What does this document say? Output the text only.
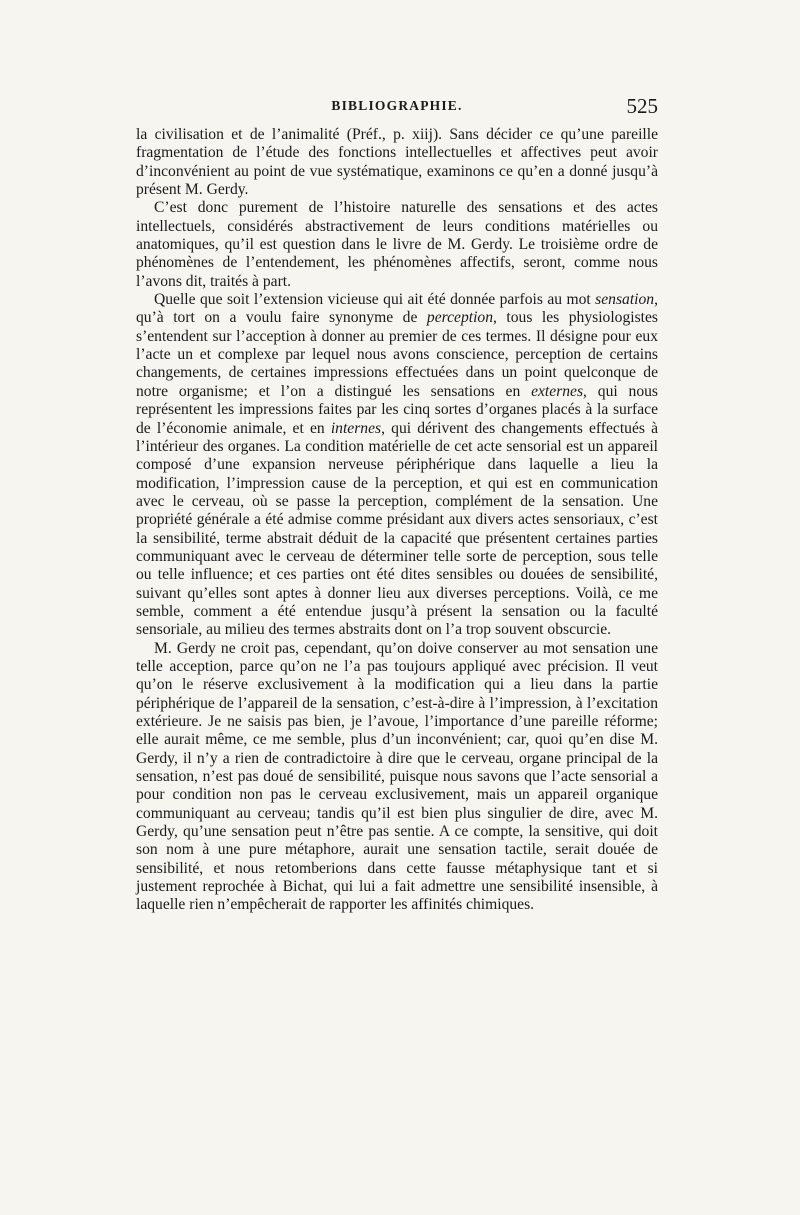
BIBLIOGRAPHIE.	525

la civilisation et de l’animalité (Préf., p. xiij). Sans décider ce qu’une pareille fragmentation de l’étude des fonctions intellectuelles et affectives peut avoir d’inconvénient au point de vue systématique, examinons ce qu’en a donné jusqu’à présent M. Gerdy.

C’est donc purement de l’histoire naturelle des sensations et des actes intellectuels, considérés abstractivement de leurs conditions matérielles ou anatomiques, qu’il est question dans le livre de M. Gerdy. Le troisième ordre de phénomènes de l’entendement, les phénomènes affectifs, seront, comme nous l’avons dit, traités à part.

Quelle que soit l’extension vicieuse qui ait été donnée parfois au mot sensation, qu’à tort on a voulu faire synonyme de perception, tous les physiologistes s’entendent sur l’acception à donner au premier de ces termes. Il désigne pour eux l’acte un et complexe par lequel nous avons conscience, perception de certains changements, de certaines impressions effectuées dans un point quelconque de notre organisme; et l’on a distingué les sensations en externes, qui nous représentent les impressions faites par les cinq sortes d’organes placés à la surface de l’économie animale, et en internes, qui dérivent des changements effectués à l’intérieur des organes. La condition matérielle de cet acte sensorial est un appareil composé d’une expansion nerveuse périphérique dans laquelle a lieu la modification, l’impression cause de la perception, et qui est en communication avec le cerveau, où se passe la perception, complément de la sensation. Une propriété générale a été admise comme présidant aux divers actes sensoriaux, c’est la sensibilité, terme abstrait déduit de la capacité que présentent certaines parties communiquant avec le cerveau de déterminer telle sorte de perception, sous telle ou telle influence; et ces parties ont été dites sensibles ou douées de sensibilité, suivant qu’elles sont aptes à donner lieu aux diverses perceptions. Voilà, ce me semble, comment a été entendue jusqu’à présent la sensation ou la faculté sensoriale, au milieu des termes abstraits dont on l’a trop souvent obscurcie.

M. Gerdy ne croit pas, cependant, qu’on doive conserver au mot sensation une telle acception, parce qu’on ne l’a pas toujours appliqué avec précision. Il veut qu’on le réserve exclusivement à la modification qui a lieu dans la partie périphérique de l’appareil de la sensation, c’est-à-dire à l’impression, à l’excitation extérieure. Je ne saisis pas bien, je l’avoue, l’importance d’une pareille réforme; elle aurait même, ce me semble, plus d’un inconvénient; car, quoi qu’en dise M. Gerdy, il n’y a rien de contradictoire à dire que le cerveau, organe principal de la sensation, n’est pas doué de sensibilité, puisque nous savons que l’acte sensorial a pour condition non pas le cerveau exclusivement, mais un appareil organique communiquant au cerveau; tandis qu’il est bien plus singulier de dire, avec M. Gerdy, qu’une sensation peut n’être pas sentie. A ce compte, la sensitive, qui doit son nom à une pure métaphore, aurait une sensation tactile, serait douée de sensibilité, et nous retomberions dans cette fausse métaphysique tant et si justement reprochée à Bichat, qui lui a fait admettre une sensibilité insensible, à laquelle rien n’empêcherait de rapporter les affinités chimiques.
